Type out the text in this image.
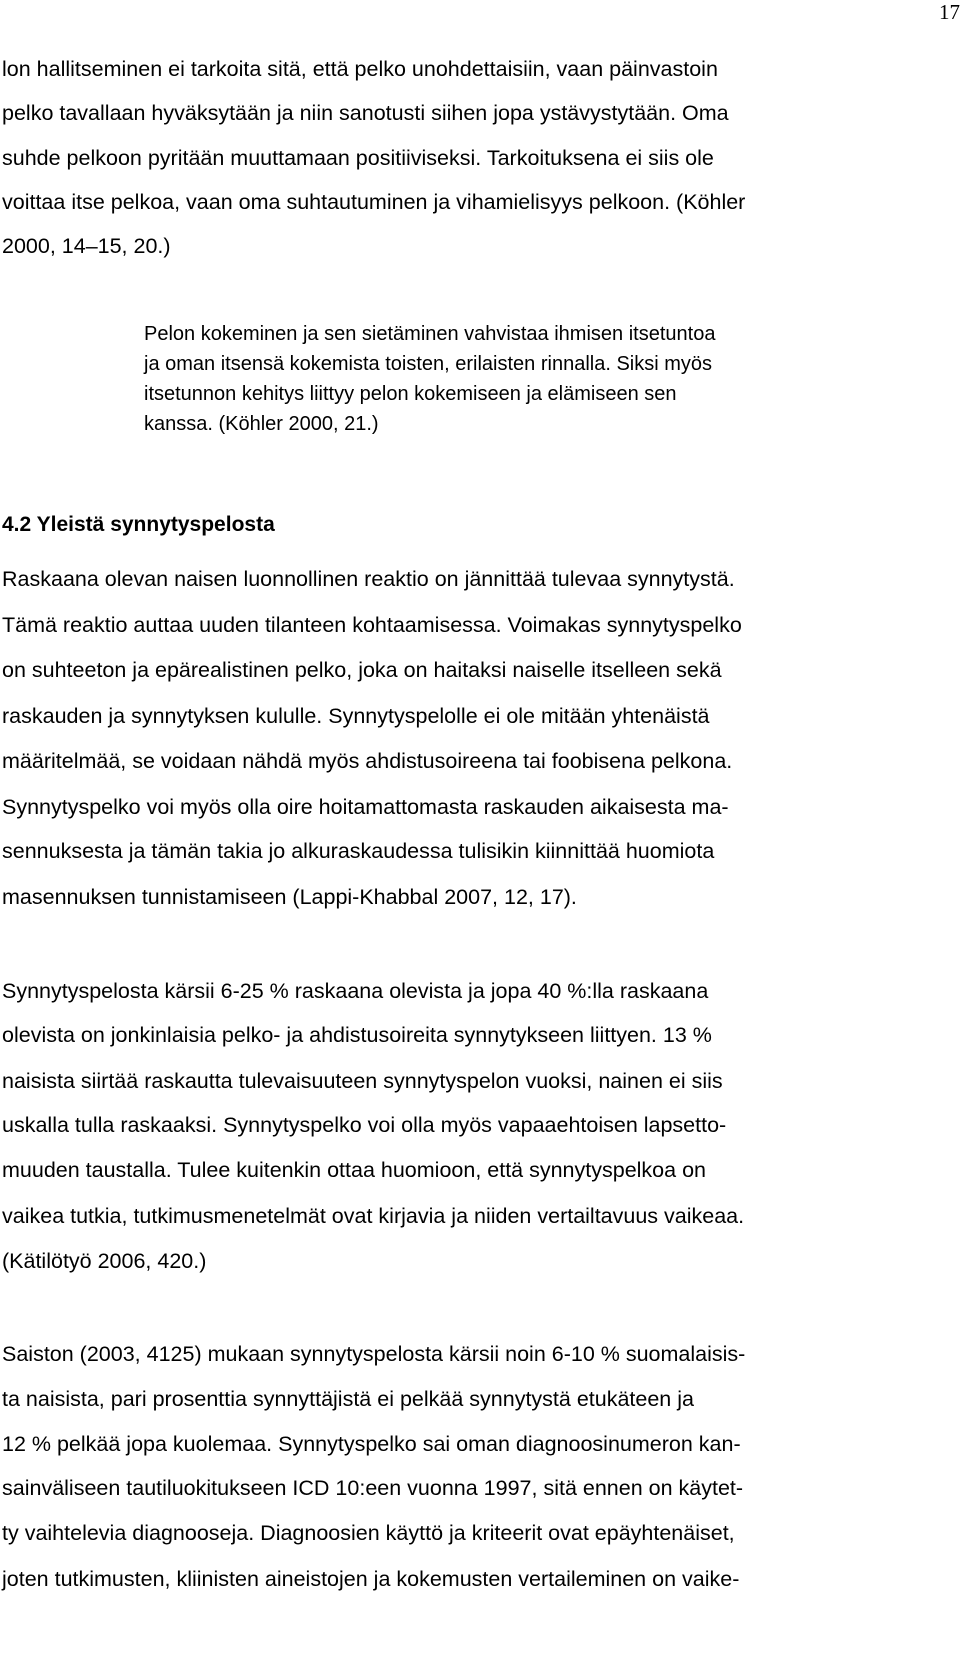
17
lon hallitseminen ei tarkoita sitä, että pelko unohdettaisiin, vaan päinvastoin
pelko tavallaan hyväksytään ja niin sanotusti siihen jopa ystävystytään. Oma
suhde pelkoon pyritään muuttamaan positiiviseksi. Tarkoituksena ei siis ole
voittaa itse pelkoa, vaan oma suhtautuminen ja vihamielisyys pelkoon. (Köhler
2000, 14–15, 20.)
Pelon kokeminen ja sen sietäminen vahvistaa ihmisen itsetuntoa
ja oman itsensä kokemista toisten, erilaisten rinnalla. Siksi myös
itsetunnon kehitys liittyy pelon kokemiseen ja elämiseen sen
kanssa. (Köhler 2000, 21.)
4.2 Yleistä synnytyspelosta
Raskaana olevan naisen luonnollinen reaktio on jännittää tulevaa synnytystä.
Tämä reaktio auttaa uuden tilanteen kohtaamisessa. Voimakas synnytyspelko
on suhteeton ja epärealistinen pelko, joka on haitaksi naiselle itselleen sekä
raskauden ja synnytyksen kululle. Synnytyspelolle ei ole mitään yhtenäistä
määritelmää, se voidaan nähdä myös ahdistusoireena tai foobisena pelkona.
Synnytyspelko voi myös olla oire hoitamattomasta raskauden aikaisesta ma-
sennuksesta ja tämän takia jo alkuraskaudessa tulisikin kiinnittää huomiota
masennuksen tunnistamiseen (Lappi-Khabbal 2007, 12, 17).
Synnytyspelosta kärsii 6-25 % raskaana olevista ja jopa 40 %:lla raskaana
olevista on jonkinlaisia pelko- ja ahdistusoireita synnytykseen liittyen. 13 %
naisista siirtää raskautta tulevaisuuteen synnytyspelon vuoksi, nainen ei siis
uskalla tulla raskaaksi. Synnytyspelko voi olla myös vapaaehtoisen lapsetto-
muuden taustalla. Tulee kuitenkin ottaa huomioon, että synnytyspelkoa on
vaikea tutkia, tutkimusmenetelmät ovat kirjavia ja niiden vertailtavuus vaikeaa.
(Kätilötyö 2006, 420.)
Saiston (2003, 4125) mukaan synnytyspelosta kärsii noin 6-10 % suomalaisis-
ta naisista, pari prosenttia synnyttäjistä ei pelkää synnytystä etukäteen ja
12 % pelkää jopa kuolemaa. Synnytyspelko sai oman diagnoosinumeron kan-
sainväliseen tautiluokitukseen ICD 10:een vuonna 1997, sitä ennen on käytet-
ty vaihtelevia diagnooseja. Diagnoosien käyttö ja kriteerit ovat epäyhtenäiset,
joten tutkimusten, kliinisten aineistojen ja kokemusten vertaileminen on vaike-
